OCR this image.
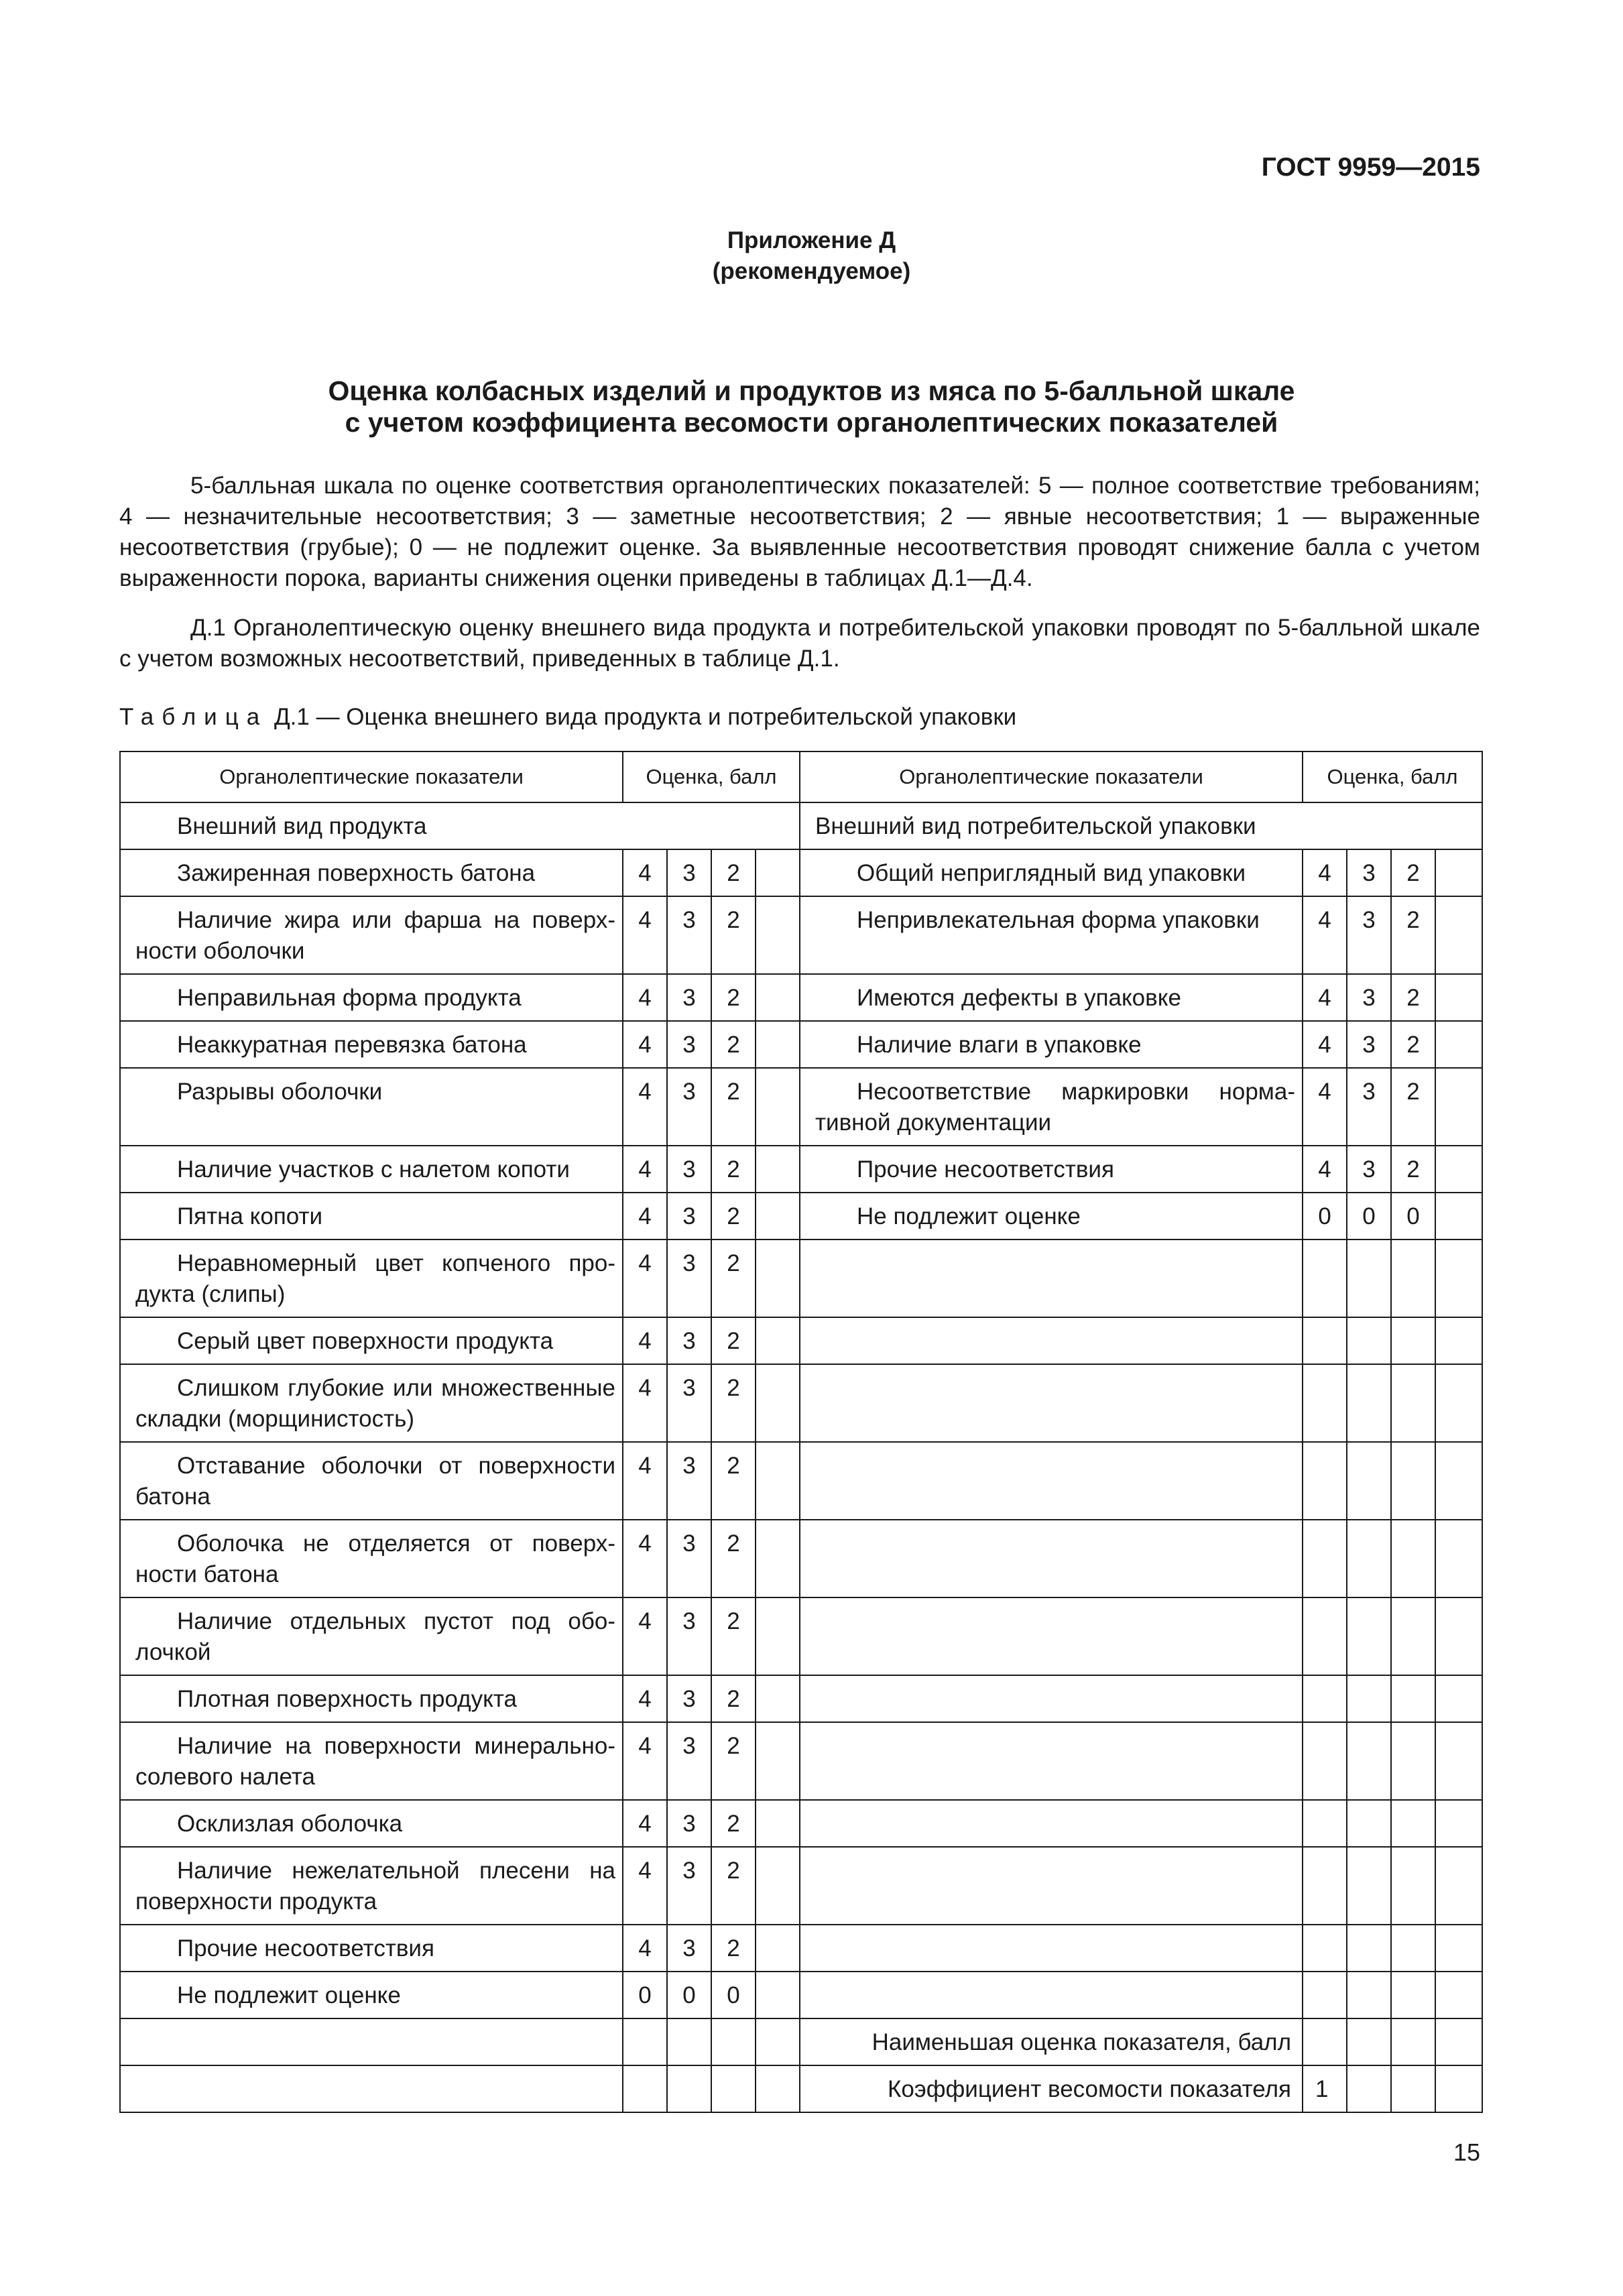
ГОСТ 9959—2015
Приложение Д
(рекомендуемое)
Оценка колбасных изделий и продуктов из мяса по 5-балльной шкале
с учетом коэффициента весомости органолептических показателей

5-балльная шкала по оценке соответствия органолептических показателей: 5 — полное соответствие требованиям; 4 — незначительные несоответствия; 3 — заметные несоответствия; 2 — явные несоответствия; 1 — выраженные несоответствия (грубые); 0 — не подлежит оценке. За выявленные несоответствия проводят снижение балла с учетом выраженности порока, варианты снижения оценки приведены в таблицах Д.1—Д.4.

Д.1 Органолептическую оценку внешнего вида продукта и потребительской упаковки проводят по 5-балльной шкале с учетом возможных несоответствий, приведенных в таблице Д.1.

Таблица Д.1 — Оценка внешнего вида продукта и потребительской упаковки
Органолептические показатели	Оценка, балл				Органолептические показатели	Оценка, балл			
Внешний вид продукта					Внешний вид потребительской упаковки				
Зажиренная поверхность батона	4	3	2		Общий неприглядный вид упаковки	4	3	2	
Наличие жира или фарша на поверхности оболочки	4	3	2		Непривлекательная форма упаковки	4	3	2	
Неправильная форма продукта	4	3	2		Имеются дефекты в упаковке	4	3	2	
Неаккуратная перевязка батона	4	3	2		Наличие влаги в упаковке	4	3	2	
Разрывы оболочки	4	3	2		Несоответствие маркировки нормативной документации	4	3	2	
Наличие участков с налетом копоти	4	3	2		Прочие несоответствия	4	3	2	
Пятна копоти	4	3	2		Не подлежит оценке	0	0	0	
Неравномерный цвет копченого продукта (слипы)	4	3	2						
Серый цвет поверхности продукта	4	3	2						
Слишком глубокие или множественные складки (морщинистость)	4	3	2						
Отставание оболочки от поверхности батона	4	3	2						
Оболочка не отделяется от поверхности батона	4	3	2						
Наличие отдельных пустот под оболочкой	4	3	2						
Плотная поверхность продукта	4	3	2						
Наличие на поверхности минерально-солевого налета	4	3	2						
Осклизлая оболочка	4	3	2						
Наличие нежелательной плесени на поверхности продукта	4	3	2						
Прочие несоответствия	4	3	2						
Не подлежит оценке	0	0	0						
					Наименьшая оценка показателя, балл				
					Коэффициент весомости показателя	1			
15
